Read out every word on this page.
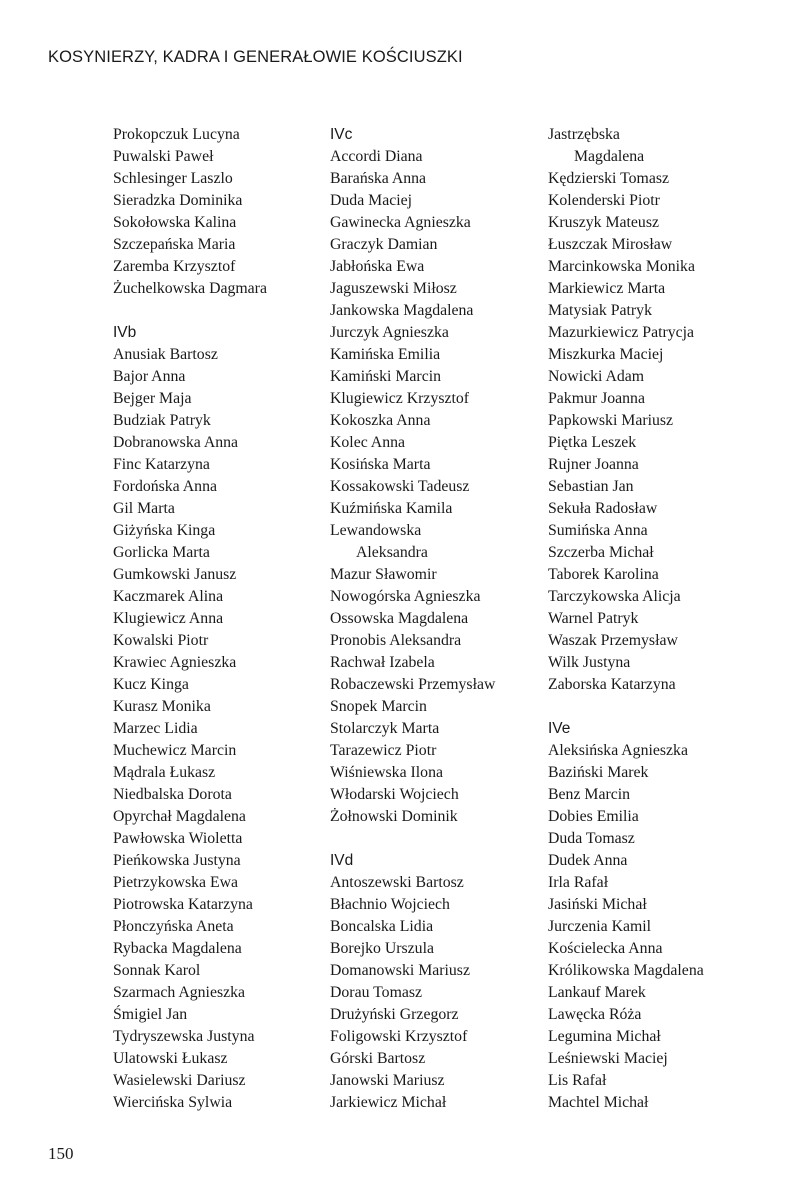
KOSYNIERZY, KADRA I GENERAŁOWIE KOŚCIUSZKI
Prokopczuk Lucyna
Puwalski Paweł
Schlesinger Laszlo
Sieradzka Dominika
Sokołowska Kalina
Szczepańska Maria
Zaremba Krzysztof
Żuchelkowska Dagmara
IVb
Anusiak Bartosz
Bajor Anna
Bejger Maja
Budziak Patryk
Dobranowska Anna
Finc Katarzyna
Fordońska Anna
Gil Marta
Giżyńska Kinga
Gorlicka Marta
Gumkowski Janusz
Kaczmarek Alina
Klugiewicz Anna
Kowalski Piotr
Krawiec Agnieszka
Kucz Kinga
Kurasz Monika
Marzec Lidia
Muchewicz Marcin
Mądrala Łukasz
Niedbalska Dorota
Opyrchał Magdalena
Pawłowska Wioletta
Pieńkowska Justyna
Pietrzykowska Ewa
Piotrowska Katarzyna
Płonczyńska Aneta
Rybacka Magdalena
Sonnak Karol
Szarmach Agnieszka
Śmigiel Jan
Tydryszewska Justyna
Ulatowski Łukasz
Wasielewski Dariusz
Wiercińska Sylwia
IVc
Accordi Diana
Barańska Anna
Duda Maciej
Gawinecka Agnieszka
Graczyk Damian
Jabłońska Ewa
Jaguszewski Miłosz
Jankowska Magdalena
Jurczyk Agnieszka
Kamińska Emilia
Kamiński Marcin
Klugiewicz Krzysztof
Kokoszka Anna
Kolec Anna
Kosińska Marta
Kossakowski Tadeusz
Kuźmińska Kamila
Lewandowska
Aleksandra
Mazur Sławomir
Nowogórska Agnieszka
Ossowska Magdalena
Pronobis Aleksandra
Rachwał Izabela
Robaczewski Przemysław
Snopek Marcin
Stolarczyk Marta
Tarazewicz Piotr
Wiśniewska Ilona
Włodarski Wojciech
Żołnowski Dominik
IVd
Antoszewski Bartosz
Błachnio Wojciech
Boncalska Lidia
Borejko Urszula
Domanowski Mariusz
Dorau Tomasz
Drużyński Grzegorz
Foligowski Krzysztof
Górski Bartosz
Janowski Mariusz
Jarkiewicz Michał
Jastrzębska
Magdalena
Kędzierski Tomasz
Kolenderski Piotr
Kruszyk Mateusz
Łuszczak Mirosław
Marcinkowska Monika
Markiewicz Marta
Matysiak Patryk
Mazurkiewicz Patrycja
Miszkurka Maciej
Nowicki Adam
Pakmur Joanna
Papkowski Mariusz
Piętka Leszek
Rujner Joanna
Sebastian Jan
Sekuła Radosław
Sumińska Anna
Szczerba Michał
Taborek Karolina
Tarczykowska Alicja
Warnel Patryk
Waszak Przemysław
Wilk Justyna
Zaborska Katarzyna
IVe
Aleksińska Agnieszka
Baziński Marek
Benz Marcin
Dobies Emilia
Duda Tomasz
Dudek Anna
Irla Rafał
Jasiński Michał
Jurczenia Kamil
Kościelecka Anna
Królikowska Magdalena
Lankauf Marek
Lawęcka Róża
Legumina Michał
Leśniewski Maciej
Lis Rafał
Machtel Michał
150
